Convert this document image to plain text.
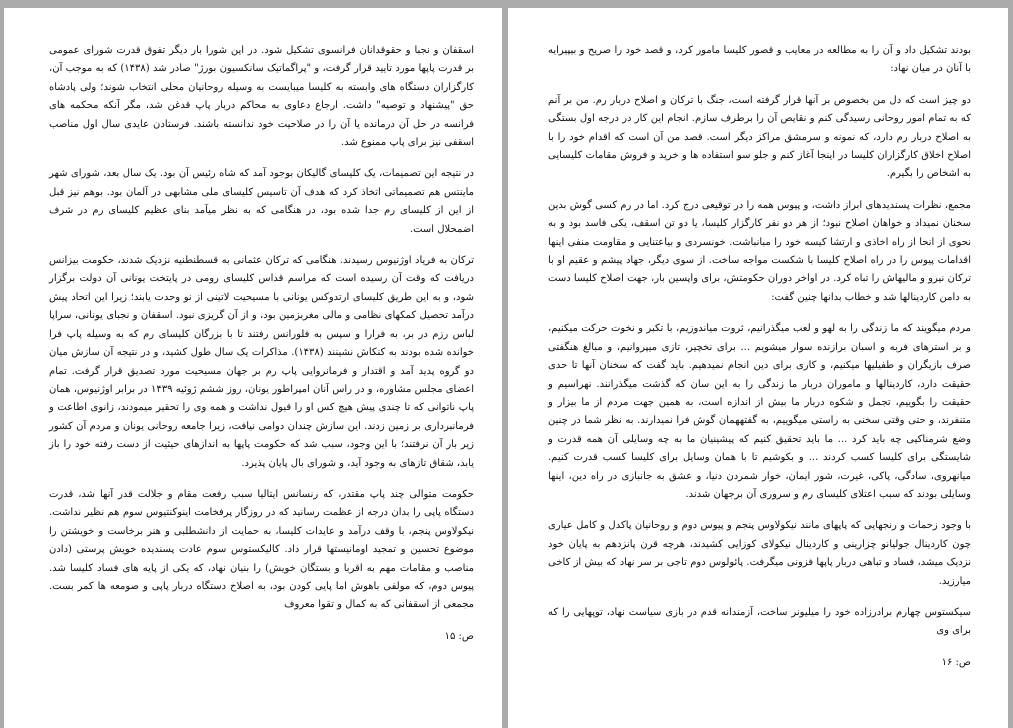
اسقفان و نجبا و حقوقدانان فرانسوی تشکیل شود. در این شورا بار دیگر تفوق قدرت شورای عمومی بر قدرت پاپها مورد تایید قرار گرفت، و "پراگماتیک سانکسیون بورژ" صادر شد (۱۴۳۸) که به موجب آن، کارگزاران دستگاه های وابسته به کلیسا میبایست به وسیله روحانیان محلی انتخاب شوند؛ ولی پادشاه حق "پیشنهاد و توصیه" داشت. ارجاع دعاوی به محاکم دربار پاپ قدغن شد، مگر آنکه محکمه های فرانسه در حل آن درمانده یا آن را در صلاحیت خود ندانسته باشند. فرستادن عایدی سال اول مناصب اسقفی نیز برای پاپ ممنوع شد.

در نتیجه این تصمیمات، یک کلیسای گالیکان بوجود آمد که شاه رئیس آن بود. یک سال بعد، شورای شهر ماینتس هم تصمیماتی اتخاذ کرد که هدف آن تاسیس کلیسای ملی مشابهی در آلمان بود. بوهم نیز قبل از این از کلیسای رم جدا شده بود، در هنگامی که به نظر میآمد بنای عظیم کلیسای رم در شرف اضمحلال است.

ترکان به فریاد اوژنیوس رسیدند. هنگامی که ترکان عثمانی به قسطنطنیه نزدیک شدند، حکومت بیزانس دریافت که وقت آن رسیده است که مراسم قداس کلیسای رومی در پایتخت یونانی آن دولت برگزار شود، و به این طریق کلیسای ارتدوکس یونانی با مسیحیت لاتینی از نو وحدت یابند؛ زیرا این اتحاد پیش درآمد تحصیل کمکهای نظامی و مالی مغربزمین بود، و از آن گریزی نبود. اسقفان و نجبای یونانی، سراپا لباس رزم در بر، به فرارا و سپس به فلورانس رفتند تا با بزرگان کلیسای رم که به وسیله پاپ فرا خوانده شده بودند به کنکاش نشینند (۱۴۳۸). مذاکرات یک سال طول کشید، و در نتیجه آن سازش میان دو گروه پدید آمد و اقتدار و فرمانروایی پاپ رم بر جهان مسیحیت مورد تصدیق قرار گرفت. تمام اعضای مجلس مشاوره، و در راس آنان امپراطور یونان، روز ششم ژوئیه ۱۴۳۹ در برابر اوژنیوس، همان پاپ ناتوانی که تا چندی پیش هیچ کس او را قبول نداشت و همه وی را تحقیر میمودند، زانوی اطاعت و فرمانبرداری بر زمین زدند. این سازش چندان دوامی نیافت، زیرا جامعه روحانی یونان و مردم آن کشور زیر بار آن نرفتند؛ با این وجود، سبب شد که حکومت پاپها به اندازهای حیثیت از دست رفته خود را باز یابد، شقاق تازهای به وجود آید، و شورای بال پایان پذیرد.

حکومت متوالی چند پاپ مقتدر، که رنسانس ایتالیا سبب رفعت مقام و جلالت قدر آنها شد، قدرت دستگاه پاپی را بدان درجه از عظمت رسانید که در روزگار پرفخامت اینوکنتیوس سوم هم نظیر نداشت. نیکولاوس پنجم، با وقف درآمد و عایدات کلیسا، به حمایت از دانشطلبی و هنر برخاست و خویشتن را موضوع تحسین و تمجید اومانیستها قرار داد. کالیکستوس سوم عادت پسندیده خویش پرستی (دادن مناصب و مقامات مهم به اقربا و بستگان خویش) را بنیان نهاد، که یکی از پایه های فساد کلیسا شد. پیوس دوم، که مولفی باهوش اما پایی کودن بود، به اصلاح دستگاه دربار پاپی و صومعه ها کمر بست. مجمعی از اسقفانی که به کمال و تقوا معروف

ص: ۱۵

بودند تشکیل داد و آن را به مطالعه در معایب و قصور کلیسا مامور کرد، و قصد خود را صریح و بیپیرایه با آنان در میان نهاد:

دو چیز است که دل من بخصوص بر آنها قرار گرفته است، جنگ با ترکان و اصلاح دربار رم. من بر آنم که به تمام امور روحانی رسیدگی کنم و نقایص آن را برطرف سازم. انجام این کار در درجه اول بستگی به اصلاح دربار رم دارد، که نمونه و سرمشق مراکز دیگر است. قصد من آن است که اقدام خود را با اصلاح اخلاق کارگزاران کلیسا در اینجا آغاز کنم و جلو سو استفاده ها و خرید و فروش مقامات کلیسایی به اشخاص را بگیرم.

مجمع، نظرات پسندیدهای ابراز داشت، و پیوس همه را در توقیعی درج کرد. اما در رم کسی گوش بدین سخنان نمیداد و خواهان اصلاح نبود؛ از هر دو نفر کارگزار کلیسا، یا دو تن اسقف، یکی فاسد بود و به نحوی از انحا از راه اخاذی و ارتشا کیسه خود را مبانباشت. خونسردی و بیاعتنایی و مقاومت منفی اینها اقدامات پیوس را در راه اصلاح کلیسا با شکست مواجه ساخت. از سوی دیگر، جهاد پیشم و عقیم او با ترکان نیرو و مالیهاش را تباه کرد. در اواخر دوران حکومتش، برای واپسین بار، جهت اصلاح کلیسا دست به دامن کاردینالها شد و خطاب بدانها چنین گفت:

مردم میگویند که ما زندگی را به لهو و لعب میگذرانیم، ثروت میاندوزیم، با تکبر و نخوت حرکت میکنیم، و بر استرهای فربه و اسبان برازنده سوار میشویم ... برای نخچیر، تازی میپروانیم، و مبالغ هنگفتی صرف بازیگران و طفیلیها میکنیم، و کاری برای دین انجام نمیدهیم. باید گفت که سخنان آنها تا حدی حقیقت دارد، کاردینالها و ماموران دربار ما زندگی را به این سان که گذشت میگذرانند. نهراسیم و حقیقت را بگوییم، تجمل و شکوه دربار ما بیش از اندازه است، به همین جهت مردم از ما بیزار و متنفرند، و حتی وقتی سخنی به راستی میگوییم، به گفتههمان گوش فرا نمیدارند. به نظر شما در چنین وضع شرمناکیی چه باید کرد ... ما باید تحقیق کنیم که پیشینیان ما به چه وسایلی آن همه قدرت و شایستگی برای کلیسا کسب کردند ... و بکوشیم تا با همان وسایل برای کلیسا کسب قدرت کنیم. میانهروی، سادگی، پاکی، غیرت، شور ایمان، خوار شمردن دنیا، و عشق به جانبازی در راه دین، اینها وسایلی بودند که سبب اعتلای کلیسای رم و سروری آن برجهان شدند.

با وجود زحمات و رنجهایی که پاپهای مانند نیکولاوس پنجم و پیوس دوم و روحانیان پاکدل و کامل عیاری چون کاردینال جولیانو چزارینی و کاردینال نیکولای کوزایی کشیدند، هرچه قرن پانزدهم به پایان خود نزدیک میشد، فساد و تباهی دربار پاپها فزونی میگرفت. پائولوس دوم تاجی بر سر نهاد که بیش از کاخی میارزید.

سیکستوس چهارم برادرزاده خود را میلیونر ساخت، آزمندانه قدم در بازی سیاست نهاد، توپهایی را که برای وی

ص: ۱۶
